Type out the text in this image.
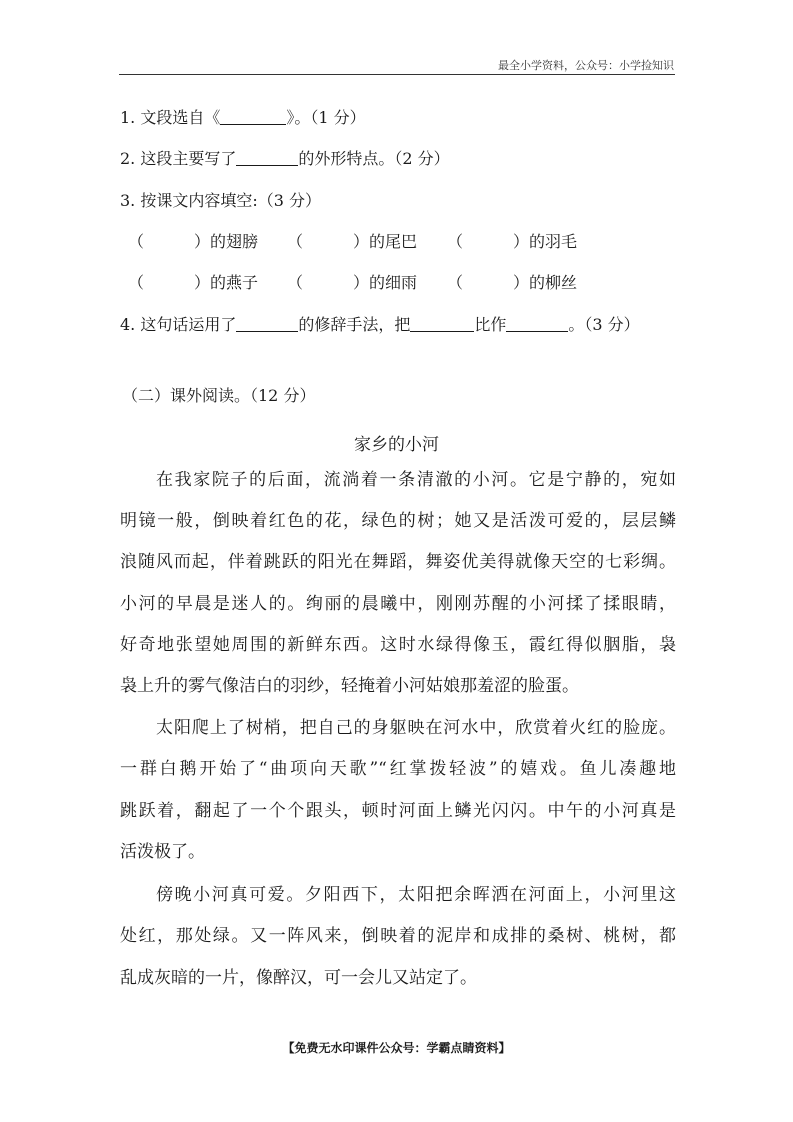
最全小学资料，公众号：小学捡知识
1. 文段选自《	》。（1 分）
2. 这段主要写了	的外形特点。（2 分）
3. 按课文内容填空:（3 分）
（	）的翅膀 （	）的尾巴 （	）的羽毛
（	）的燕子 （	）的细雨 （	）的柳丝
4. 这句话运用了	的修辞手法，把	比作	。（3 分）
（二）课外阅读。（12 分）
家乡的小河
在我家院子的后面，流淌着一条清澈的小河。它是宁静的，宛如
明镜一般，倒映着红色的花，绿色的树；她又是活泼可爱的，层层鳞
浪随风而起，伴着跳跃的阳光在舞蹈，舞姿优美得就像天空的七彩绸。
小河的早晨是迷人的。绚丽的晨曦中，刚刚苏醒的小河揉了揉眼睛，
好奇地张望她周围的新鲜东西。这时水绿得像玉，霞红得似胭脂，袅
袅上升的雾气像洁白的羽纱，轻掩着小河姑娘那羞涩的脸蛋。
太阳爬上了树梢，把自己的身躯映在河水中，欣赏着火红的脸庞。
一群白鹅开始了“曲项向天歌”“红掌拨轻波”的嬉戏。鱼儿凑趣地
跳跃着，翻起了一个个跟头，顿时河面上鳞光闪闪。中午的小河真是
活泼极了。
傍晚小河真可爱。夕阳西下，太阳把余晖洒在河面上，小河里这
处红，那处绿。又一阵风来，倒映着的泥岸和成排的桑树、桃树，都
乱成灰暗的一片，像醉汉，可一会儿又站定了。
【免费无水印课件公众号：学霸点睛资料】
